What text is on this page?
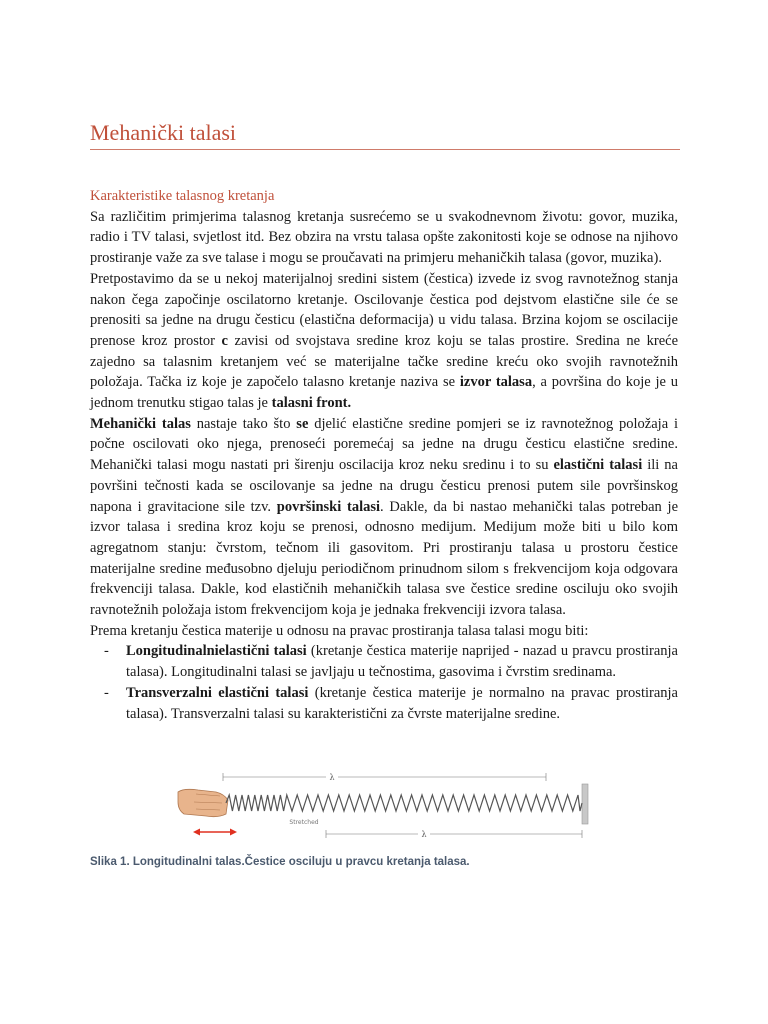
Mehanički talasi

Karakteristike talasnog kretanja

Sa različitim primjerima talasnog kretanja susrećemo se u svakodnevnom životu: govor, muzika, radio i TV talasi, svjetlost itd. Bez obzira na vrstu talasa opšte zakonitosti koje se odnose na njihovo prostiranje važe za sve talase i mogu se proučavati na primjeru mehaničkih talasa (govor, muzika).

Pretpostavimo da se u nekoj materijalnoj sredini sistem (čestica) izvede iz svog ravnotežnog stanja nakon čega započinje oscilatorno kretanje. Oscilovanje čestica pod dejstvom elastične sile će se prenositi sa jedne na drugu česticu (elastična deformacija) u vidu talasa. Brzina kojom se oscilacije prenose kroz prostor c zavisi od svojstava sredine kroz koju se talas prostire. Sredina ne kreće zajedno sa talasnim kretanjem već se materijalne tačke sredine kreću oko svojih ravnotežnih položaja. Tačka iz koje je započelo talasno kretanje naziva se izvor talasa, a površina do koje je u jednom trenutku stigao talas je talasni front.

Mehanički talas nastaje tako što se djelić elastične sredine pomjeri se iz ravnotežnog položaja i počne oscilovati oko njega, prenoseći poremećaj sa jedne na drugu česticu elastične sredine. Mehanički talasi mogu nastati pri širenju oscilacija kroz neku sredinu i to su elastični talasi ili na površini tečnosti kada se oscilovanje sa jedne na drugu česticu prenosi putem sile površinskog napona i gravitacione sile tzv. površinski talasi. Dakle, da bi nastao mehanički talas potreban je izvor talasa i sredina kroz koju se prenosi, odnosno medijum. Medijum može biti u bilo kom agregatnom stanju: čvrstom, tečnom ili gasovitom. Pri prostiranju talasa u prostoru čestice materijalne sredine međusobno djeluju periodičnom prinudnom silom s frekvencijom koja odgovara frekvenciji talasa. Dakle, kod elastičnih mehaničkih talasa sve čestice sredine osciluju oko svojih ravnotežnih položaja istom frekvencijom koja je jednaka frekvenciji izvora talasa.

Prema kretanju čestica materije u odnosu na pravac prostiranja talasa talasi mogu biti:

- Longitudinalnielastični talasi (kretanje čestica materije naprijed - nazad u pravcu prostiranja talasa). Longitudinalni talasi se javljaju u tečnostima, gasovima i čvrstim sredinama.
- Transverzalni elastični talasi (kretanje čestica materije je normalno na pravac prostiranja talasa). Transverzalni talasi su karakteristični za čvrste materijalne sredine.
λ
Stretched
λ

Slika 1. Longitudinalni talas.Čestice osciluju u pravcu kretanja talasa.
